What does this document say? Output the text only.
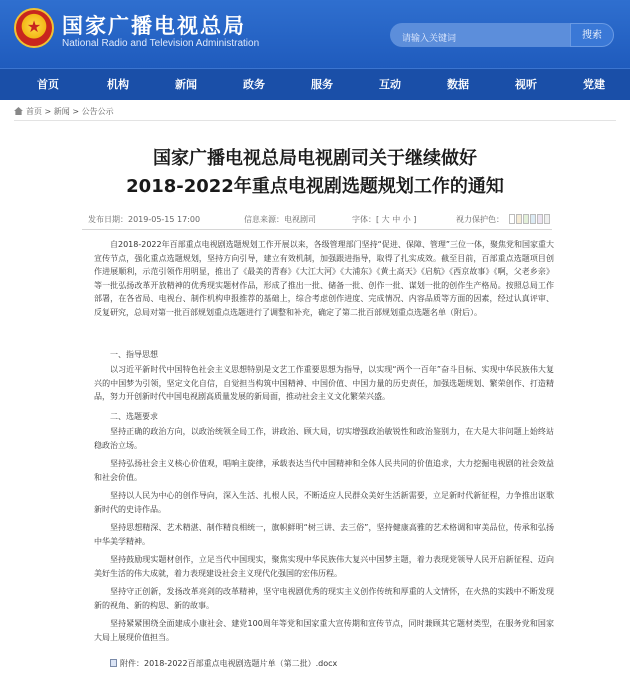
★
国家广播电视总局
National Radio and Television Administration
请输入关键词
搜索
首页	机构	新闻	政务	服务	互动	数据	视听	党建
首页 > 新闻 > 公告公示
国家广播电视总局电视剧司关于继续做好
2018-2022年重点电视剧选题规划工作的通知
发布日期：2019-05-15 17:00	信息来源：电视剧司	字体：[ 大 中 小 ]	视力保护色：
自2018-2022年百部重点电视剧选题规划工作开展以来，各级管理部门坚持“促进、保障、管理”三位一体，聚焦党和国家重大宣传节点，强化重点选题规划，坚持方向引导，建立有效机制，加强跟进指导，取得了扎实成效。截至目前，百部重点选题项目创作进展顺利，示范引领作用明显，推出了《最美的青春》《大江大河》《大浦东》《黄土高天》《启航》《西京故事》《啊，父老乡亲》等一批弘扬改革开放精神的优秀现实题材作品，形成了推出一批、储备一批、创作一批、谋划一批的创作生产格局。按照总局工作部署，在各省局、电视台、制作机构申报推荐的基础上，综合考虑创作进度、完成情况、内容品质等方面的因素，经过认真评审、反复研究，总局对第一批百部规划重点选题进行了调整和补充，确定了第二批百部规划重点选题名单（附后）。
一、指导思想
以习近平新时代中国特色社会主义思想特别是文艺工作重要思想为指导，以实现“两个一百年”奋斗目标、实现中华民族伟大复兴的中国梦为引领，坚定文化自信，自觉担当构筑中国精神、中国价值、中国力量的历史责任，加强选题规划、繁荣创作、打造精品，努力开创新时代中国电视剧高质量发展的新局面，推动社会主义文化繁荣兴盛。
二、选题要求
坚持正确的政治方向，以政治统领全局工作，讲政治、顾大局，切实增强政治敏锐性和政治鉴别力，在大是大非问题上始终站稳政治立场。
坚持弘扬社会主义核心价值观，唱响主旋律，承载表达当代中国精神和全体人民共同的价值追求，大力挖掘电视剧的社会效益和社会价值。
坚持以人民为中心的创作导向，深入生活、扎根人民，不断适应人民群众美好生活新需要，立足新时代新征程，力争推出讴歌新时代的史诗作品。
坚持思想精深、艺术精湛、制作精良相统一，旗帜鲜明“树三讲、去三俗”，坚持健康高雅的艺术格调和审美品位，传承和弘扬中华美学精神。
坚持鼓励现实题材创作，立足当代中国现实，聚焦实现中华民族伟大复兴中国梦主题，着力表现党领导人民开启新征程、迈向美好生活的伟大成就，着力表现建设社会主义现代化强国的宏伟历程。
坚持守正创新，发扬改革亮剑的改革精神，坚守电视剧优秀的现实主义创作传统和厚重的人文情怀，在火热的实践中不断发现新的视角、新的构思、新的故事。
坚持紧紧围绕全面建成小康社会、建党100周年等党和国家重大宣传期和宣传节点，同时兼顾其它题材类型，在服务党和国家大局上展现价值担当。
附件：2018-2022百部重点电视剧选题片单（第二批）.docx
